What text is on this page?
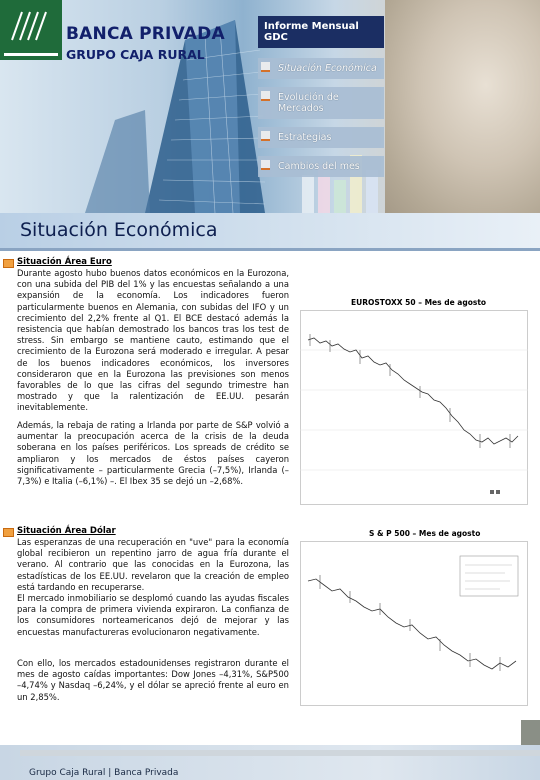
BANCA PRIVADA
GRUPO CAJA RURAL
Informe Mensual GDC
Situación Económica
Evolución de Mercados
Estrategias
Cambios del mes
Situación Económica
Situación Área Euro

Durante agosto hubo buenos datos económicos en la Eurozona, con una subida del PIB del 1% y las encuestas señalando a una expansión de la economía. Los indicadores fueron particularmente buenos en Alemania, con subidas del IFO y un crecimiento del 2,2% frente al Q1. El BCE destacó además la resistencia que habían demostrado los bancos tras los test de stress. Sin embargo se mantiene cauto, estimando que el crecimiento de la Eurozona será moderado e irregular. A pesar de los buenos indicadores económicos, los inversores consideraron que en la Eurozona las previsiones son menos favorables de lo que las cifras del segundo trimestre han mostrado y que la ralentización de EE.UU. pesarán inevitablemente.

Además, la rebaja de rating a Irlanda por parte de S&P volvió a aumentar la preocupación acerca de la crisis de la deuda soberana en los países periféricos. Los spreads de crédito se ampliaron y los mercados de éstos países cayeron significativamente – particularmente Grecia (–7,5%), Irlanda (–7,3%) e Italia (–6,1%) –. El Ibex 35 se dejó un –2,68%.

Situación Área Dólar

Las esperanzas de una recuperación en "uve" para la economía global recibieron un repentino jarro de agua fría durante el verano. Al contrario que las conocidas en la Eurozona, las estadísticas de los EE.UU. revelaron que la creación de empleo está tardando en recuperarse.
El mercado inmobiliario se desplomó cuando las ayudas fiscales para la compra de primera vivienda expiraron. La confianza de los consumidores norteamericanos dejó de mejorar y las encuestas manufactureras evolucionaron negativamente.

Con ello, los mercados estadounidenses registraron durante el mes de agosto caídas importantes: Dow Jones –4,31%, S&P500 –4,74% y Nasdaq –6,24%, y el dólar se apreció frente al euro en un 2,85%.

EUROSTOXX 50 – Mes de agosto
S & P 500 – Mes de agosto
Grupo Caja Rural | Banca Privada
